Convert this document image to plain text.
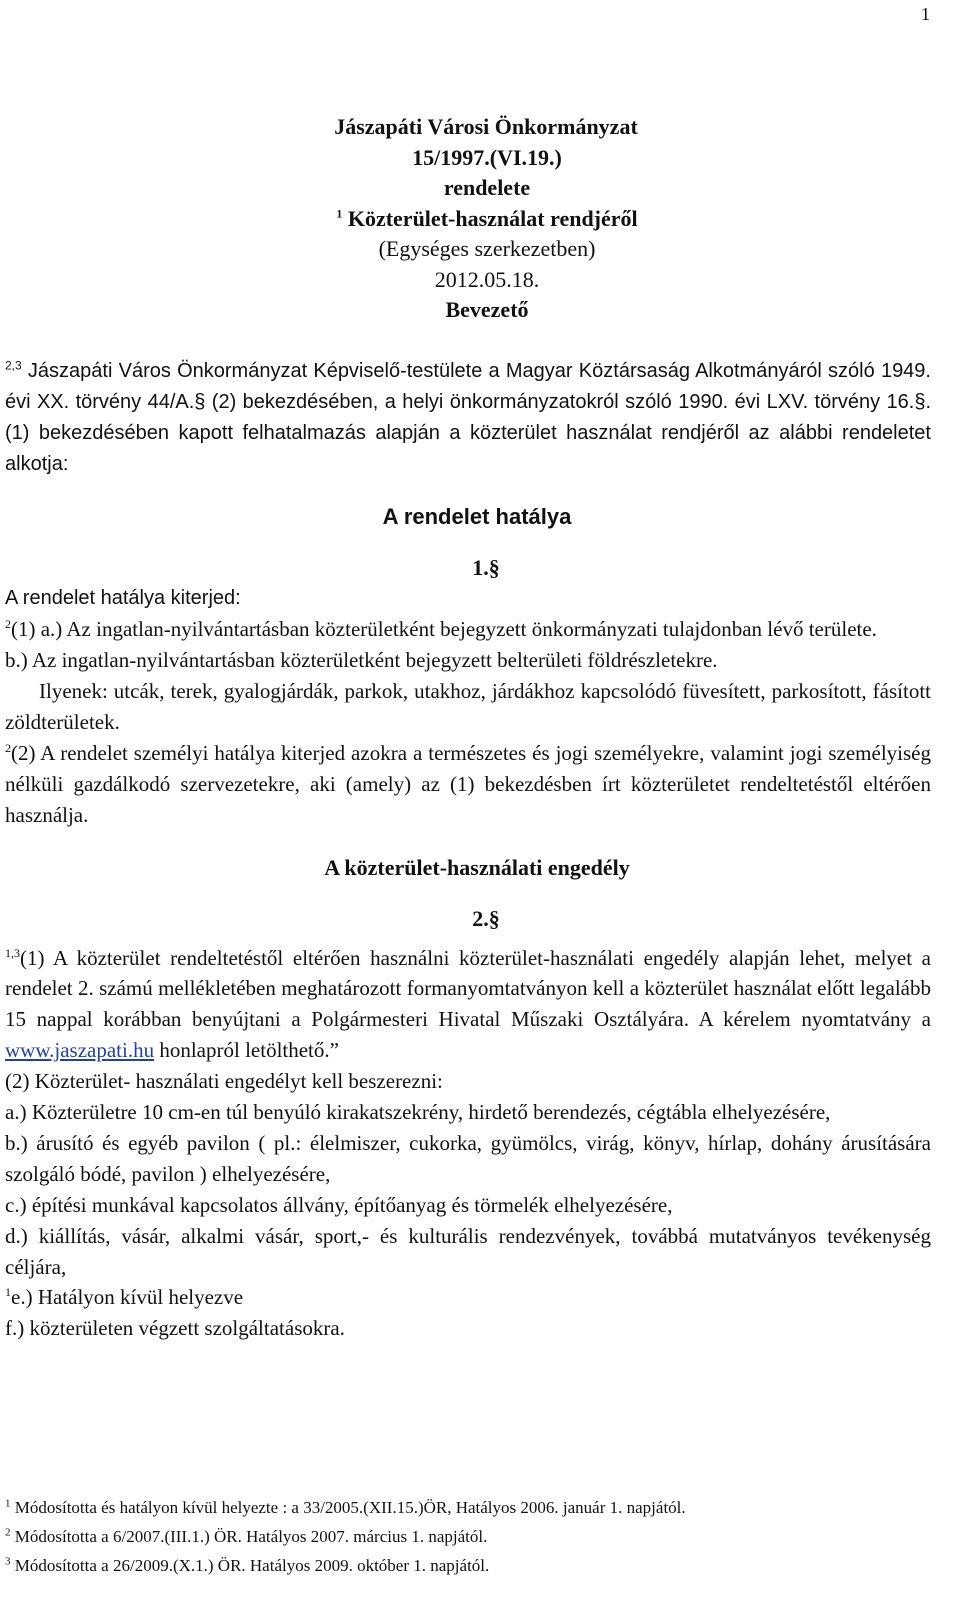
1
Jászapáti Városi Önkormányzat
15/1997.(VI.19.)
rendelete
$^1$ Közterület-használat rendjéről
(Egységes szerkezetben)
2012.05.18.
Bevezető
$^{2,3}$ Jászapáti Város Önkormányzat Képviselő-testülete a Magyar Köztársaság Alkotmányáról szóló 1949. évi XX. törvény 44/A.§ (2) bekezdésében, a helyi önkormányzatokról szóló 1990. évi LXV. törvény 16.§. (1) bekezdésében kapott felhatalmazás alapján a közterület használat rendjéről az alábbi rendeletet alkotja:
A rendelet hatálya
1.§
A rendelet hatálya kiterjed:
$^2$(1) a.) Az ingatlan-nyilvántartásban közterületként bejegyzett önkormányzati tulajdonban lévő területe.
b.) Az ingatlan-nyilvántartásban közterületként bejegyzett belterületi földrészletekre.
Ilyenek: utcák, terek, gyalogjárdák, parkok, utakhoz, járdákhoz kapcsolódó füvesített, parkosított, fásított zöldterületek.
$^2$(2) A rendelet személyi hatálya kiterjed azokra a természetes és jogi személyekre, valamint jogi személyiség nélküli gazdálkodó szervezetekre, aki (amely) az (1) bekezdésben írt közterületet rendeltetéstől eltérően használja.
A közterület-használati engedély
2.§
$^{1,3}$(1) A közterület rendeltetéstől eltérően használni közterület-használati engedély alapján lehet, melyet a rendelet 2. számú mellékletében meghatározott formanyomtatványon kell a közterület használat előtt legalább 15 nappal korábban benyújtani a Polgármesteri Hivatal Műszaki Osztályára. A kérelem nyomtatvány a www.jaszapati.hu honlapról letölthető.”
(2) Közterület- használati engedélyt kell beszerezni:
a.) Közterületre 10 cm-en túl benyúló kirakatszekrény, hirdető berendezés, cégtábla elhelyezésére,
b.) árusító és egyéb pavilon ( pl.: élelmiszer, cukorka, gyümölcs, virág, könyv, hírlap, dohány árusítására szolgáló bódé, pavilon ) elhelyezésére,
c.) építési munkával kapcsolatos állvány, építőanyag és törmelék elhelyezésére,
d.) kiállítás, vásár, alkalmi vásár, sport,- és kulturális rendezvények, továbbá mutatványos tevékenység céljára,
$^1$e.) Hatályon kívül helyezve
f.) közterületen végzett szolgáltatásokra.
$^1$ Módosította és hatályon kívül helyezte : a 33/2005.(XII.15.)ÖR, Hatályos 2006. január 1. napjától.
$^2$ Módosította a 6/2007.(III.1.) ÖR. Hatályos 2007. március 1. napjától.
$^3$ Módosította a 26/2009.(X.1.) ÖR. Hatályos 2009. október 1. napjától.
